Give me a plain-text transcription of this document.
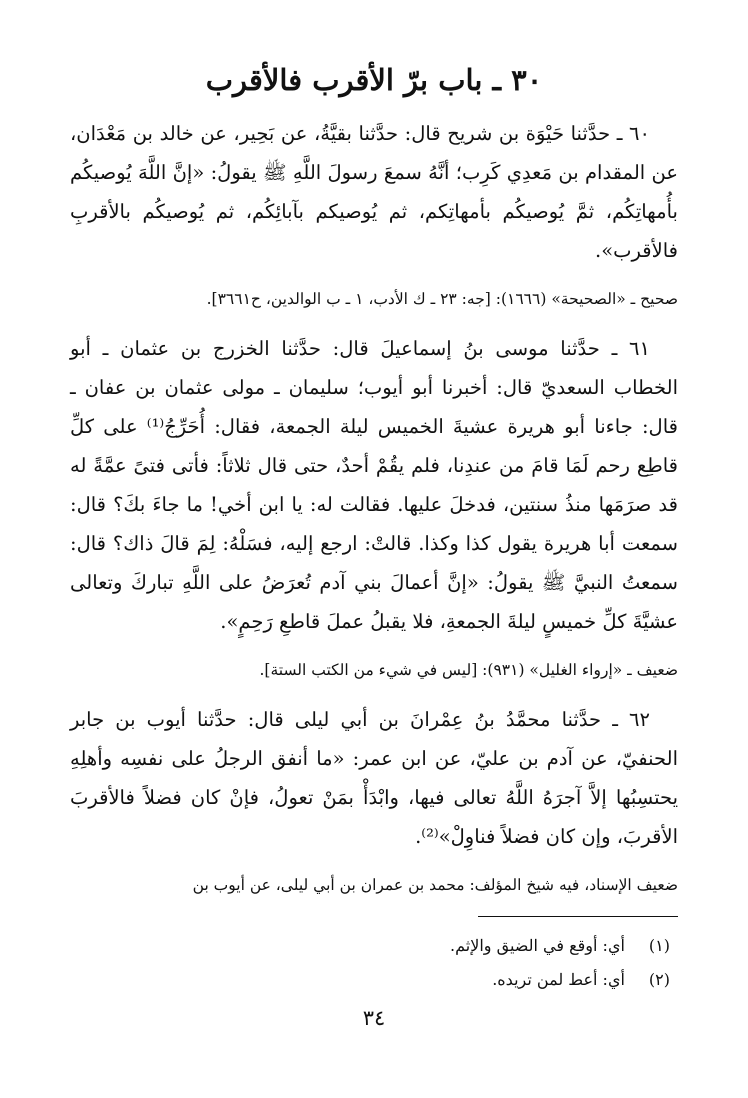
٣٠ ـ باب برّ الأقرب فالأقرب

٦٠ ـ حدَّثنا حَيْوَة بن شريح قال: حدَّثنا بقيَّةُ، عن بَحِير، عن خالد بن مَعْدَان، عن المقدام بن مَعدِي كَرِب؛ أنَّهُ سمعَ رسولَ اللَّهِ ﷺ يقولُ: «إنَّ اللَّهَ يُوصيكُم بأُمهاتِكُم، ثمَّ يُوصيكُم بأمهاتِكم، ثم يُوصيكم بآبائِكُم، ثم يُوصيكُم بالأقربِ فالأقرب».

صحيح ـ «الصحيحة» (١٦٦٦): [جه: ٢٣ ـ ك الأدب، ١ ـ ب الوالدين، ح٣٦٦١].

٦١ ـ حدَّثنا موسى بنُ إسماعيلَ قال: حدَّثنا الخزرج بن عثمان ـ أبو الخطاب السعديّ قال: أخبرنا أبو أيوب؛ سليمان ـ مولى عثمان بن عفان ـ قال: جاءنا أبو هريرة عشيةَ الخميس ليلة الجمعة، فقال: أُحَرِّجُ⁽¹⁾ على كلِّ قاطِع رحم لَمَا قامَ من عندِنا، فلم يقُمْ أحدٌ، حتى قال ثلاثاً: فأتى فتىً عمَّةً له قد صرَمَها منذُ سنتين، فدخلَ عليها. فقالت له: يا ابن أخي! ما جاءَ بكَ؟ قال: سمعت أبا هريرة يقول كذا وكذا. قالتْ: ارجع إليه، فسَلْهُ: لِمَ قالَ ذاك؟ قال: سمعتُ النبيَّ ﷺ يقولُ: «إنَّ أعمالَ بني آدم تُعرَضُ على اللَّهِ تباركَ وتعالى عشيَّةَ كلِّ خميسٍ ليلةَ الجمعةِ، فلا يقبلُ عملَ قاطعِ رَحِمٍ».

ضعيف ـ «إرواء الغليل» (٩٣١): [ليس في شيء من الكتب الستة].

٦٢ ـ حدَّثنا محمَّدُ بنُ عِمْرانَ بن أبي ليلى قال: حدَّثنا أيوب بن جابر الحنفيّ، عن آدم بن عليّ، عن ابن عمر: «ما أنفق الرجلُ على نفسِه وأهلِهِ يحتسِبُها إلاَّ آجرَهُ اللَّهُ تعالى فيها، وابْدَأْ بمَنْ تعولُ، فإنْ كان فضلاً فالأقربَ الأقربَ، وإن كان فضلاً فناوِلْ»⁽²⁾.

ضعيف الإسناد، فيه شيخ المؤلف: محمد بن عمران بن أبي ليلى، عن أيوب بن

(١) أي: أوقع في الضيق والإثم.

(٢) أي: أعط لمن تريده.

٣٤
